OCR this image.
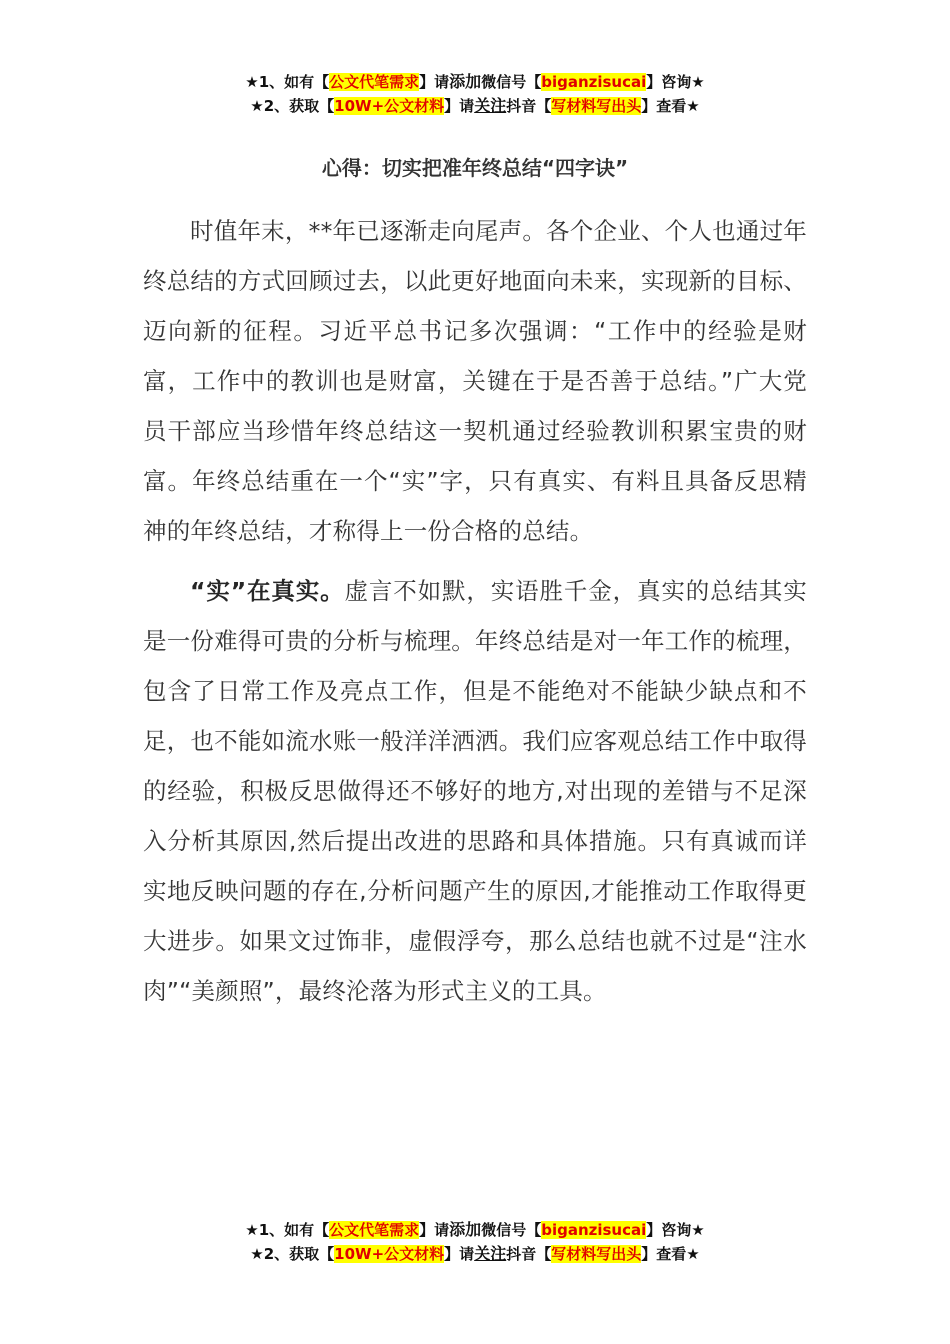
★1、如有【公文代笔需求】请添加微信号【biganzisucai】咨询★
★2、获取【10W+公文材料】请关注抖音【写材料写出头】查看★
心得：切实把准年终总结“四字诀”

时值年末，**年已逐渐走向尾声。各个企业、个人也通过年终总结的方式回顾过去，以此更好地面向未来，实现新的目标、迈向新的征程。习近平总书记多次强调：“工作中的经验是财富，工作中的教训也是财富，关键在于是否善于总结。”广大党员干部应当珍惜年终总结这一契机通过经验教训积累宝贵的财富。年终总结重在一个“实”字，只有真实、有料且具备反思精神的年终总结，才称得上一份合格的总结。

“实”在真实。虚言不如默，实语胜千金，真实的总结其实是一份难得可贵的分析与梳理。年终总结是对一年工作的梳理，包含了日常工作及亮点工作，但是不能绝对不能缺少缺点和不足，也不能如流水账一般洋洋洒洒。我们应客观总结工作中取得的经验，积极反思做得还不够好的地方,对出现的差错与不足深入分析其原因,然后提出改进的思路和具体措施。只有真诚而详实地反映问题的存在,分析问题产生的原因,才能推动工作取得更大进步。如果文过饰非，虚假浮夸，那么总结也就不过是“注水肉”“美颜照”，最终沦落为形式主义的工具。

★1、如有【公文代笔需求】请添加微信号【biganzisucai】咨询★
★2、获取【10W+公文材料】请关注抖音【写材料写出头】查看★
